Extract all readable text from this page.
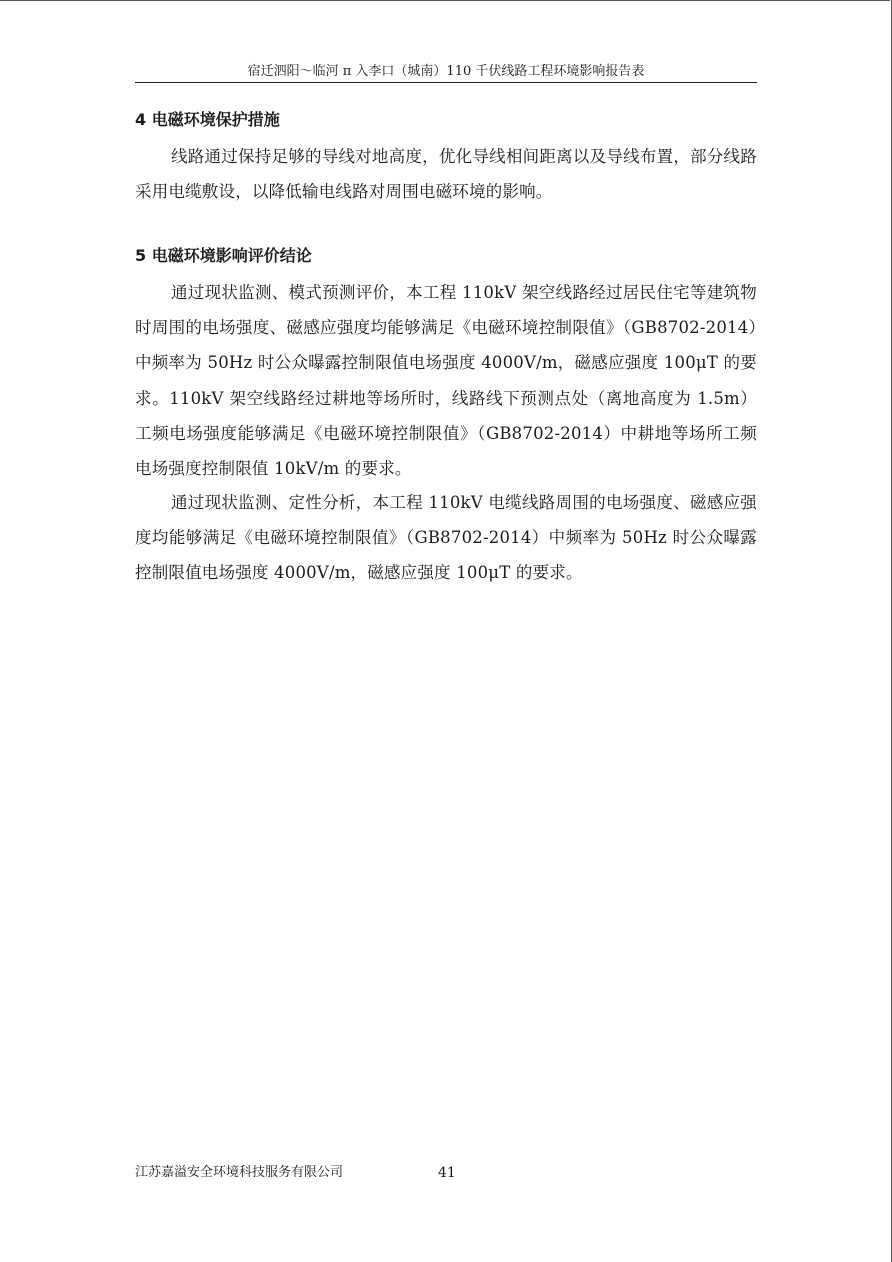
宿迁泗阳～临河 π 入李口（城南）110 千伏线路工程环境影响报告表
4 电磁环境保护措施
线路通过保持足够的导线对地高度，优化导线相间距离以及导线布置，部分线路采用电缆敷设，以降低输电线路对周围电磁环境的影响。
5 电磁环境影响评价结论
通过现状监测、模式预测评价，本工程 110kV 架空线路经过居民住宅等建筑物时周围的电场强度、磁感应强度均能够满足《电磁环境控制限值》（GB8702-2014）中频率为 50Hz 时公众曝露控制限值电场强度 4000V/m，磁感应强度 100μT 的要求。110kV 架空线路经过耕地等场所时，线路线下预测点处（离地高度为 1.5m）工频电场强度能够满足《电磁环境控制限值》（GB8702-2014）中耕地等场所工频电场强度控制限值 10kV/m 的要求。
通过现状监测、定性分析，本工程 110kV 电缆线路周围的电场强度、磁感应强度均能够满足《电磁环境控制限值》（GB8702-2014）中频率为 50Hz 时公众曝露控制限值电场强度 4000V/m，磁感应强度 100μT 的要求。
江苏嘉溢安全环境科技服务有限公司	41
